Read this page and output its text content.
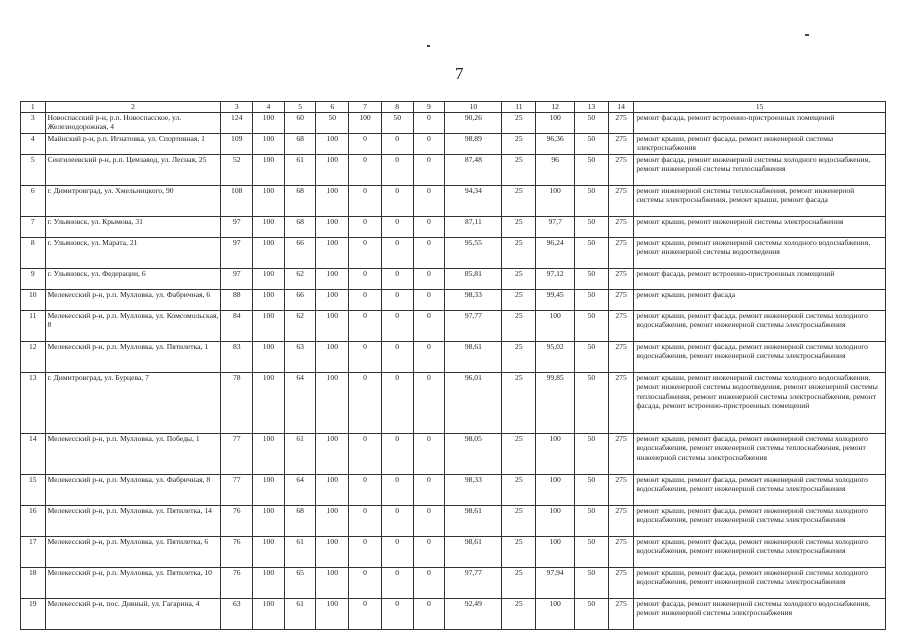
7
1	2	3	4	5	6	7	8	9	10	11	12	13	14	15
3	Новоспасский р-н, р.п. Новоспасское, ул. Железнодорожная, 4	124	100	60	50	100	50	0	90,26	25	100	50	275	ремонт фасада, ремонт встроенно-пристроенных помещений
4	Майнский р-н, р.п. Игнатовка, ул. Спортивная, 1	109	100	68	100	0	0	0	98,89	25	96,36	50	275	ремонт крыши, ремонт фасада, ремонт инженерной системы электроснабжения
5	Сенгилеевский р-н, р.п. Цемзавод, ул. Лесная, 25	52	100	61	100	0	0	0	87,48	25	96	50	275	ремонт фасада, ремонт инженерной системы холодного водоснабжения, ремонт инженерной системы теплоснабжения
6	г. Димитровград, ул. Хмельницкого, 90	108	100	68	100	0	0	0	94,34	25	100	50	275	ремонт инженерной системы теплоснабжения, ремонт инженерной системы электроснабжения, ремонт крыши, ремонт фасада
7	г. Ульяновск, ул. Крымова, 31	97	100	68	100	0	0	0	87,11	25	97,7	50	275	ремонт крыши, ремонт инженерной системы электроснабжения
8	г. Ульяновск, ул. Марата, 21	97	100	66	100	0	0	0	95,55	25	96,24	50	275	ремонт крыши, ремонт инженерной системы холодного водоснабжения, ремонт инженерной системы водоотведения
9	г. Ульяновск, ул. Федерации, 6	97	100	62	100	0	0	0	85,81	25	97,12	50	275	ремонт фасада, ремонт встроенно-пристроенных помещений
10	Мелекесский р-н, р.п. Мулловка, ул. Фабричная, 6	88	100	66	100	0	0	0	98,33	25	99,45	50	275	ремонт крыши, ремонт фасада
11	Мелекесский р-н, р.п. Мулловка, ул. Комсомольская, 8	84	100	62	100	0	0	0	97,77	25	100	50	275	ремонт крыши, ремонт фасада, ремонт инженерной системы холодного водоснабжения, ремонт инженерной системы электроснабжения
12	Мелекесский р-н, р.п. Мулловка, ул. Пятилетка, 1	83	100	63	100	0	0	0	98,61	25	95,02	50	275	ремонт крыши, ремонт фасада, ремонт инженерной системы холодного водоснабжения, ремонт инженерной системы электроснабжения
13	г. Димитровград, ул. Бурцева, 7	78	100	64	100	0	0	0	96,01	25	99,85	50	275	ремонт крыши, ремонт инженерной системы холодного водоснабжения, ремонт инженерной системы водоотведения, ремонт инженерной системы теплоснабжения, ремонт инженерной системы электроснабжения, ремонт фасада, ремонт встроенно-пристроенных помещений
14	Мелекесский р-н, р.п. Мулловка, ул. Победы, 1	77	100	61	100	0	0	0	98,05	25	100	50	275	ремонт крыши, ремонт фасада, ремонт инженерной системы холодного водоснабжения, ремонт инженерной системы теплоснабжения, ремонт инженерной системы электроснабжения
15	Мелекесский р-н, р.п. Мулловка, ул. Фабричная, 8	77	100	64	100	0	0	0	98,33	25	100	50	275	ремонт крыши, ремонт фасада, ремонт инженерной системы холодного водоснабжения, ремонт инженерной системы электроснабжения
16	Мелекесский р-н, р.п. Мулловка, ул. Пятилетка, 14	76	100	68	100	0	0	0	98,61	25	100	50	275	ремонт крыши, ремонт фасада, ремонт инженерной системы холодного водоснабжения, ремонт инженерной системы электроснабжения
17	Мелекесский р-н, р.п. Мулловка, ул. Пятилетка, 6	76	100	61	100	0	0	0	98,61	25	100	50	275	ремонт крыши, ремонт фасада, ремонт инженерной системы холодного водоснабжения, ремонт инженерной системы электроснабжения
18	Мелекесский р-н, р.п. Мулловка, ул. Пятилетка, 10	76	100	65	100	0	0	0	97,77	25	97,94	50	275	ремонт крыши, ремонт фасада, ремонт инженерной системы холодного водоснабжения, ремонт инженерной системы электроснабжения
19	Мелекесский р-н, пос. Дивный, ул. Гагарина, 4	63	100	61	100	0	0	0	92,49	25	100	50	275	ремонт фасада, ремонт инженерной системы холодного водоснабжения, ремонт инженерной системы электроснабжения
